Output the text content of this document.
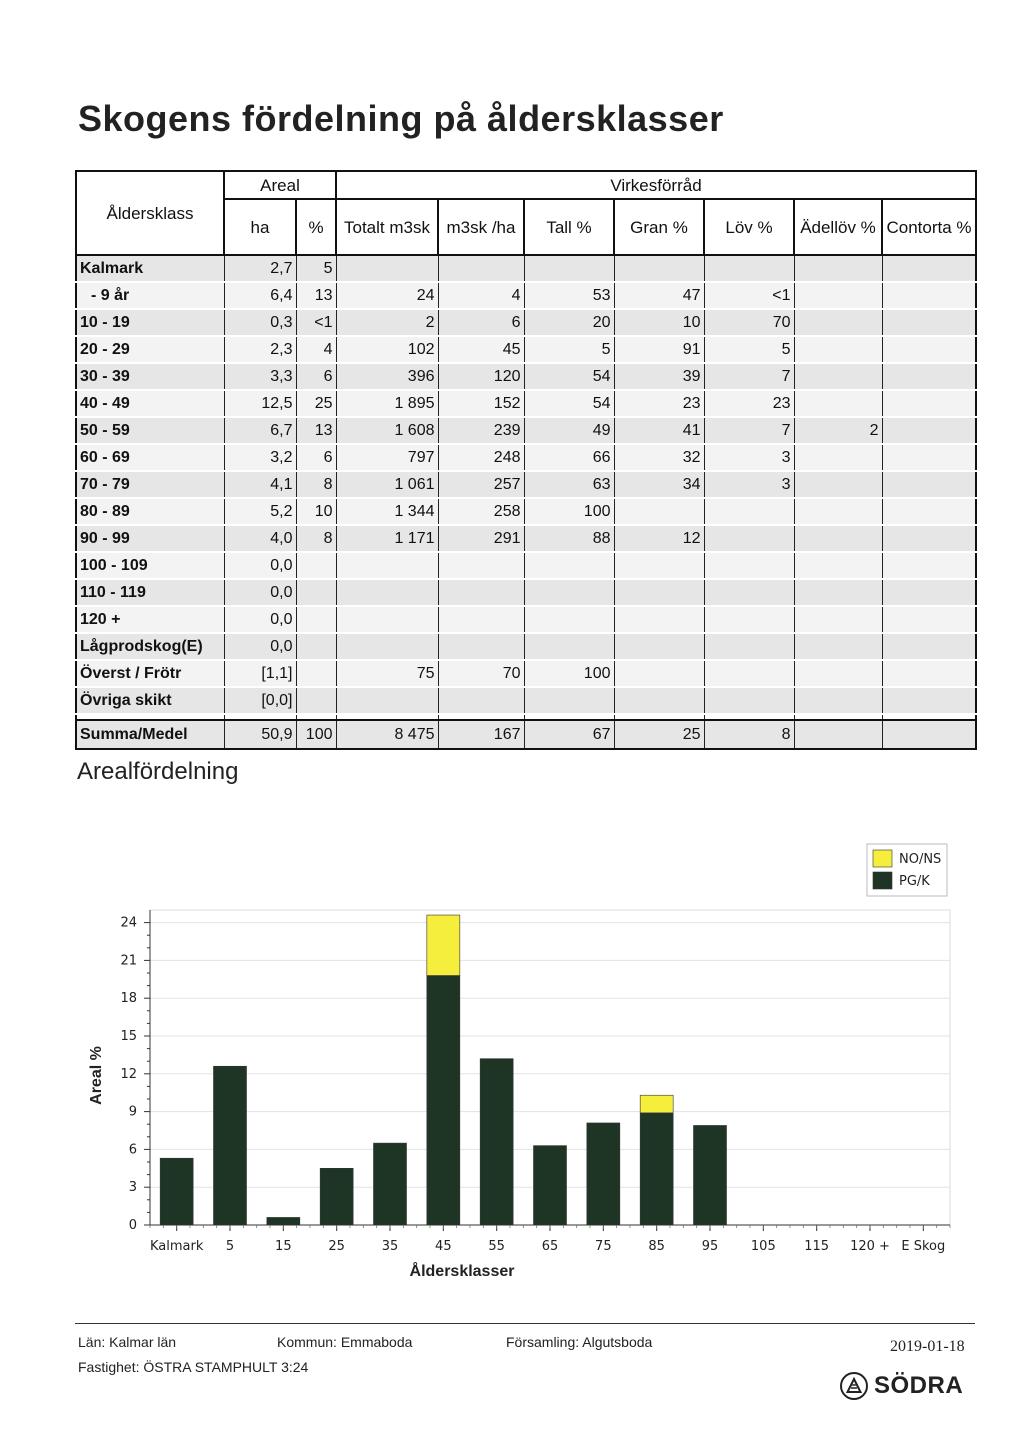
Skogens fördelning på åldersklasser
Åldersklass	Areal		Virkesförråd						
	ha	%	Totalt m3sk	m3sk /ha	Tall %	Gran %	Löv %	Ädellöv %	Contorta %
Kalmark	2,7	5							
- 9 år	6,4	13	24	4	53	47	<1		
10 - 19	0,3	<1	2	6	20	10	70		
20 - 29	2,3	4	102	45	5	91	5		
30 - 39	3,3	6	396	120	54	39	7		
40 - 49	12,5	25	1 895	152	54	23	23		
50 - 59	6,7	13	1 608	239	49	41	7	2	
60 - 69	3,2	6	797	248	66	32	3		
70 - 79	4,1	8	1 061	257	63	34	3		
80 - 89	5,2	10	1 344	258	100				
90 - 99	4,0	8	1 171	291	88	12			
100 - 109	0,0								
110 - 119	0,0								
120 +	0,0								
Lågprodskog(E)	0,0								
Överst / Frötr	[1,1]		75	70	100				
Övriga skikt	[0,0]								

Summa/Medel	50,9	100	8 475	167	67	25	8		
Arealfördelning
0
3
6
9
12
15
18
21
24
Areal %
Kalmark 5	15	25	35	45	55	65	75	85	95	105 115 120 + E Skog
Åldersklasser
NO/NS
PG/K
Län: Kalmar län	Kommun: Emmaboda	Församling: Algutsboda
Fastighet: ÖSTRA STAMPHULT 3:24
2019-01-18
SÖDRA
